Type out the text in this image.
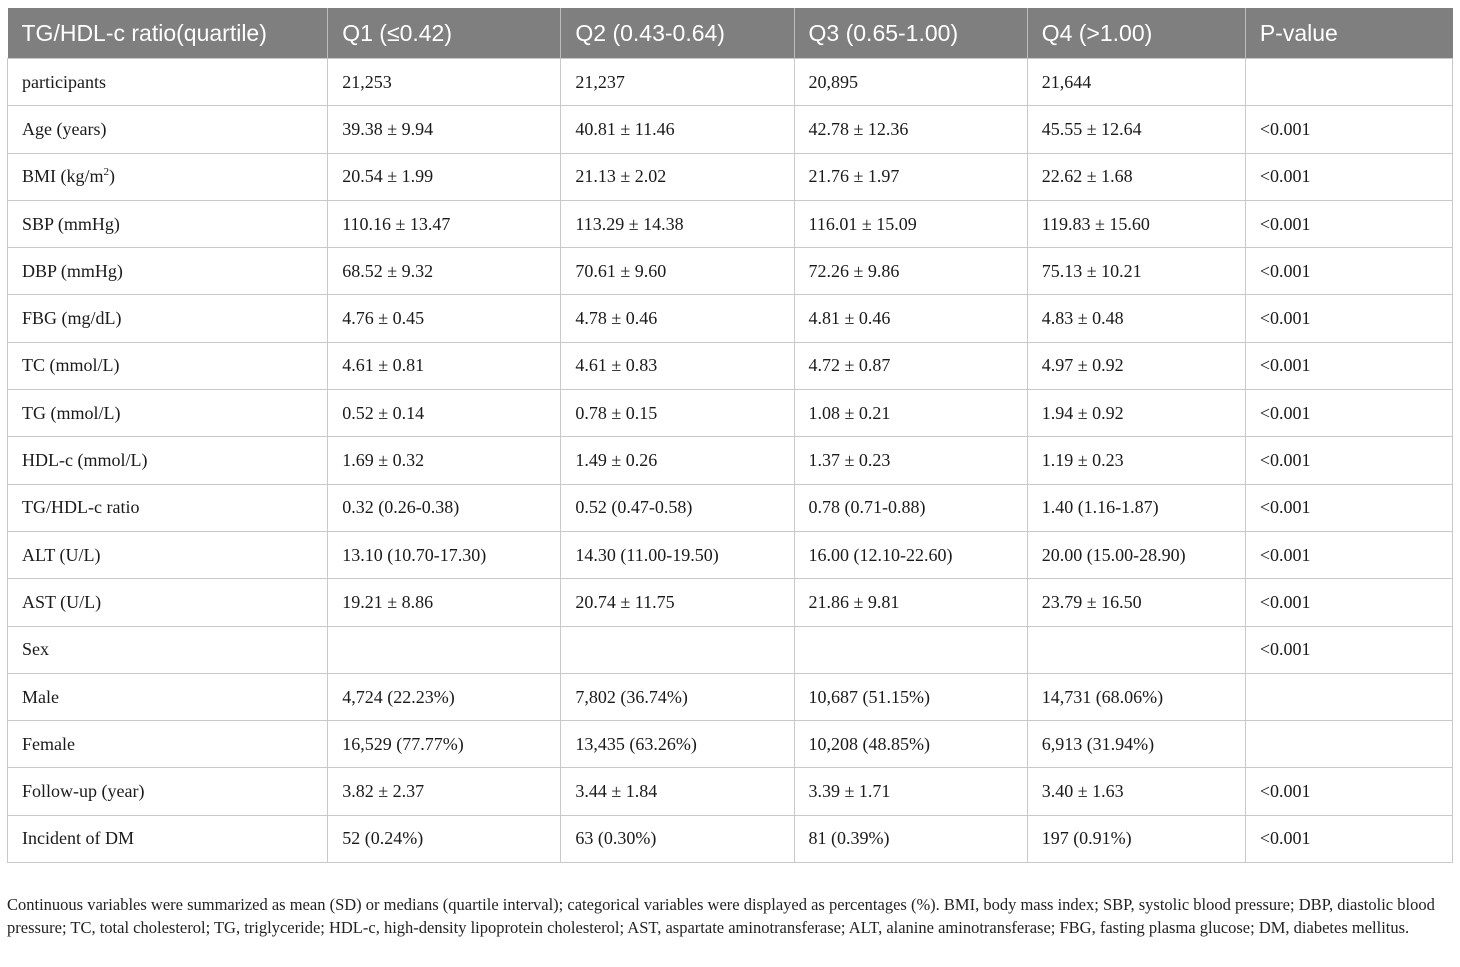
TG/HDL-c ratio(quartile)	Q1 (≤0.42)	Q2 (0.43-0.64)	Q3 (0.65-1.00)	Q4 (>1.00)	P-value
participants	21,253	21,237	20,895	21,644	
Age (years)	39.38 ± 9.94	40.81 ± 11.46	42.78 ± 12.36	45.55 ± 12.64	<0.001
BMI $(kg/m^2)$	20.54 ± 1.99	21.13 ± 2.02	21.76 ± 1.97	22.62 ± 1.68	<0.001
SBP (mmHg)	110.16 ± 13.47	113.29 ± 14.38	116.01 ± 15.09	119.83 ± 15.60	<0.001
DBP (mmHg)	68.52 ± 9.32	70.61 ± 9.60	72.26 ± 9.86	75.13 ± 10.21	<0.001
FBG (mg/dL)	4.76 ± 0.45	4.78 ± 0.46	4.81 ± 0.46	4.83 ± 0.48	<0.001
TC (mmol/L)	4.61 ± 0.81	4.61 ± 0.83	4.72 ± 0.87	4.97 ± 0.92	<0.001
TG (mmol/L)	0.52 ± 0.14	0.78 ± 0.15	1.08 ± 0.21	1.94 ± 0.92	<0.001
HDL-c (mmol/L)	1.69 ± 0.32	1.49 ± 0.26	1.37 ± 0.23	1.19 ± 0.23	<0.001
TG/HDL-c ratio	0.32 (0.26-0.38)	0.52 (0.47-0.58)	0.78 (0.71-0.88)	1.40 (1.16-1.87)	<0.001
ALT (U/L)	13.10 (10.70-17.30)	14.30 (11.00-19.50)	16.00 (12.10-22.60)	20.00 (15.00-28.90)	<0.001
AST (U/L)	19.21 ± 8.86	20.74 ± 11.75	21.86 ± 9.81	23.79 ± 16.50	<0.001
Sex					<0.001
Male	4,724 (22.23%)	7,802 (36.74%)	10,687 (51.15%)	14,731 (68.06%)	
Female	16,529 (77.77%)	13,435 (63.26%)	10,208 (48.85%)	6,913 (31.94%)	
Follow-up (year)	3.82 ± 2.37	3.44 ± 1.84	3.39 ± 1.71	3.40 ± 1.63	<0.001
Incident of DM	52 (0.24%)	63 (0.30%)	81 (0.39%)	197 (0.91%)	<0.001
Continuous variables were summarized as mean (SD) or medians (quartile interval); categorical variables were displayed as percentages (%). BMI, body mass index; SBP, systolic blood pressure; DBP, diastolic blood pressure; TC, total cholesterol; TG, triglyceride; HDL-c, high-density lipoprotein cholesterol; AST, aspartate aminotransferase; ALT, alanine aminotransferase; FBG, fasting plasma glucose; DM, diabetes mellitus.
